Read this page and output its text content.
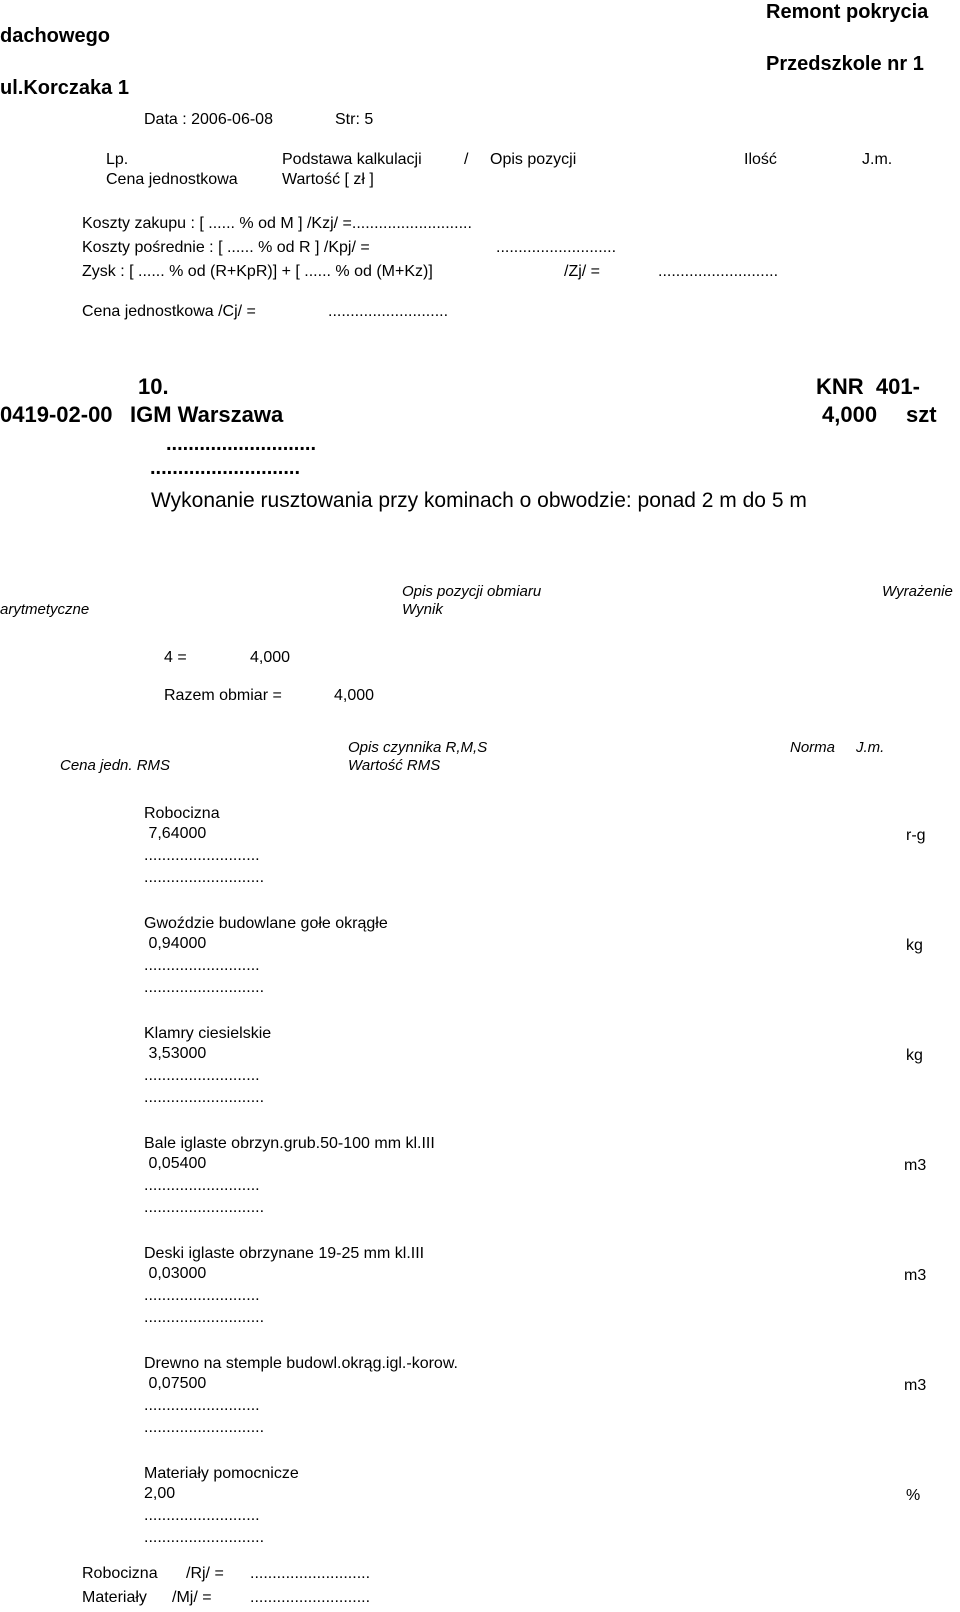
Remont pokrycia
dachowego
Przedszkole nr 1
ul.Korczaka 1
Data : 2006-06-08	Str: 5
Lp.	Podstawa kalkulacji	/ Opis pozycji	Ilość	J.m.
Cena jednostkowa	Wartość [ zł ]
Koszty zakupu : [ ...... % od M ] /Kzj/ =...........................
Koszty pośrednie : [ ...... % od R ] /Kpj/ =	...........................
Zysk : [ ...... % od (R+KpR)] + [ ...... % od (M+Kz)]	/Zj/ =	...........................
Cena jednostkowa /Cj/ =	...........................
10.	KNR  401-
0419-02-00 IGM Warszawa	4,000 szt
...........................
...........................
Wykonanie rusztowania przy kominach o obwodzie: ponad 2 m do 5 m
Opis pozycji obmiaru	Wyrażenie
arytmetyczne	Wynik
4 =	4,000
Razem obmiar =	4,000
Opis czynnika R,M,S	Norma J.m.
Cena jedn. RMS	Wartość RMS
Robocizna
7,64000	r-g
..........................
...........................
Gwoździe budowlane gołe okrągłe
0,94000	kg
..........................
...........................
Klamry ciesielskie
3,53000	kg
..........................
...........................
Bale iglaste obrzyn.grub.50-100 mm kl.III
0,05400	m3
..........................
...........................
Deski iglaste obrzynane 19-25 mm kl.III
0,03000	m3
..........................
...........................
Drewno na stemple budowl.okrąg.igl.-korow.
0,07500	m3
..........................
...........................
Materiały pomocnicze
2,00	%
..........................
...........................
Robocizna /Rj/ = ...........................
Materiały /Mj/ = ...........................
